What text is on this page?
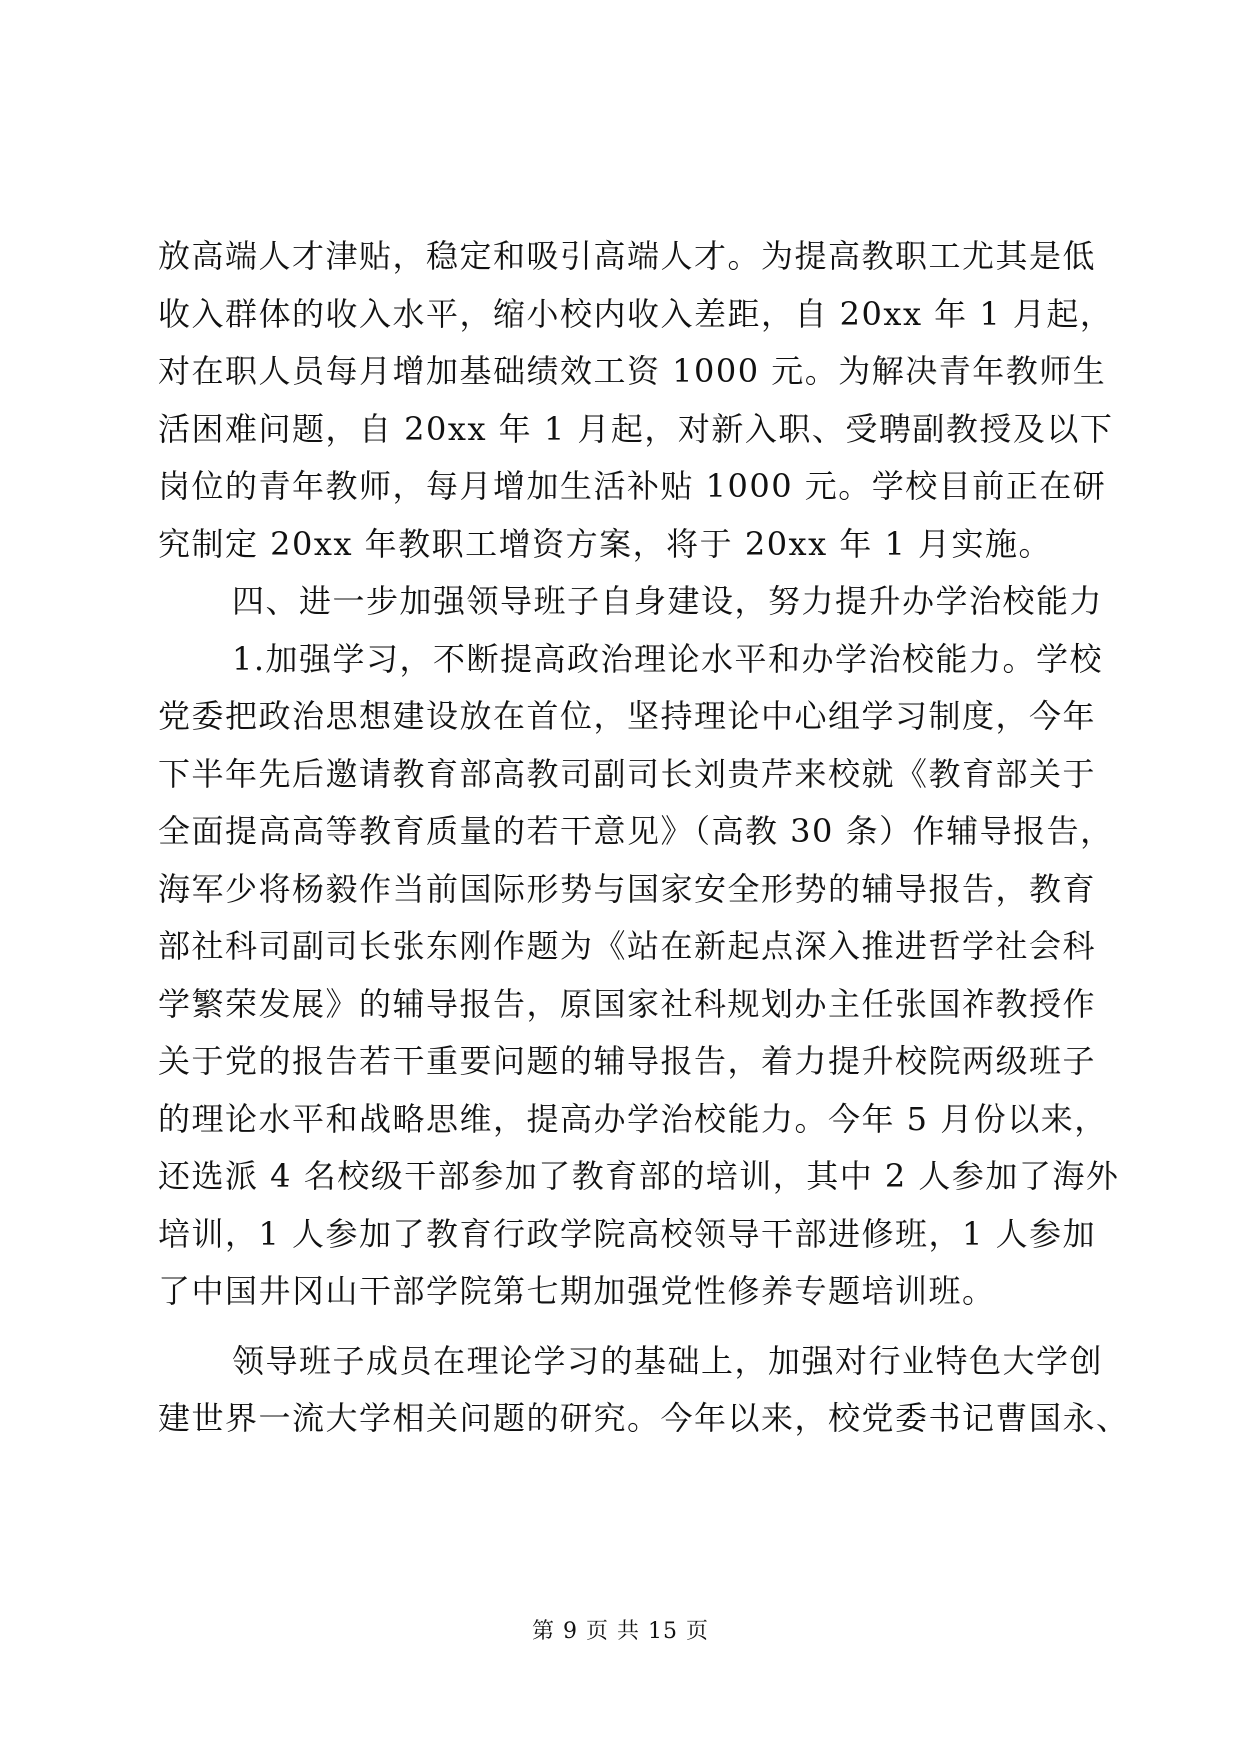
放高端人才津贴，稳定和吸引高端人才。为提高教职工尤其是低
收入群体的收入水平，缩小校内收入差距，自 20xx 年 1 月起，
对在职人员每月增加基础绩效工资 1000 元。为解决青年教师生
活困难问题，自 20xx 年 1 月起，对新入职、受聘副教授及以下
岗位的青年教师，每月增加生活补贴 1000 元。学校目前正在研
究制定 20xx 年教职工增资方案，将于 20xx 年 1 月实施。
四、进一步加强领导班子自身建设，努力提升办学治校能力
1.加强学习，不断提高政治理论水平和办学治校能力。学校
党委把政治思想建设放在首位，坚持理论中心组学习制度，今年
下半年先后邀请教育部高教司副司长刘贵芹来校就《教育部关于
全面提高高等教育质量的若干意见》（高教 30 条）作辅导报告，
海军少将杨毅作当前国际形势与国家安全形势的辅导报告，教育
部社科司副司长张东刚作题为《站在新起点深入推进哲学社会科
学繁荣发展》的辅导报告，原国家社科规划办主任张国祚教授作
关于党的报告若干重要问题的辅导报告，着力提升校院两级班子
的理论水平和战略思维，提高办学治校能力。今年 5 月份以来，
还选派 4 名校级干部参加了教育部的培训，其中 2 人参加了海外
培训，1 人参加了教育行政学院高校领导干部进修班，1 人参加
了中国井冈山干部学院第七期加强党性修养专题培训班。
领导班子成员在理论学习的基础上，加强对行业特色大学创
建世界一流大学相关问题的研究。今年以来，校党委书记曹国永、
第 9 页 共 15 页
